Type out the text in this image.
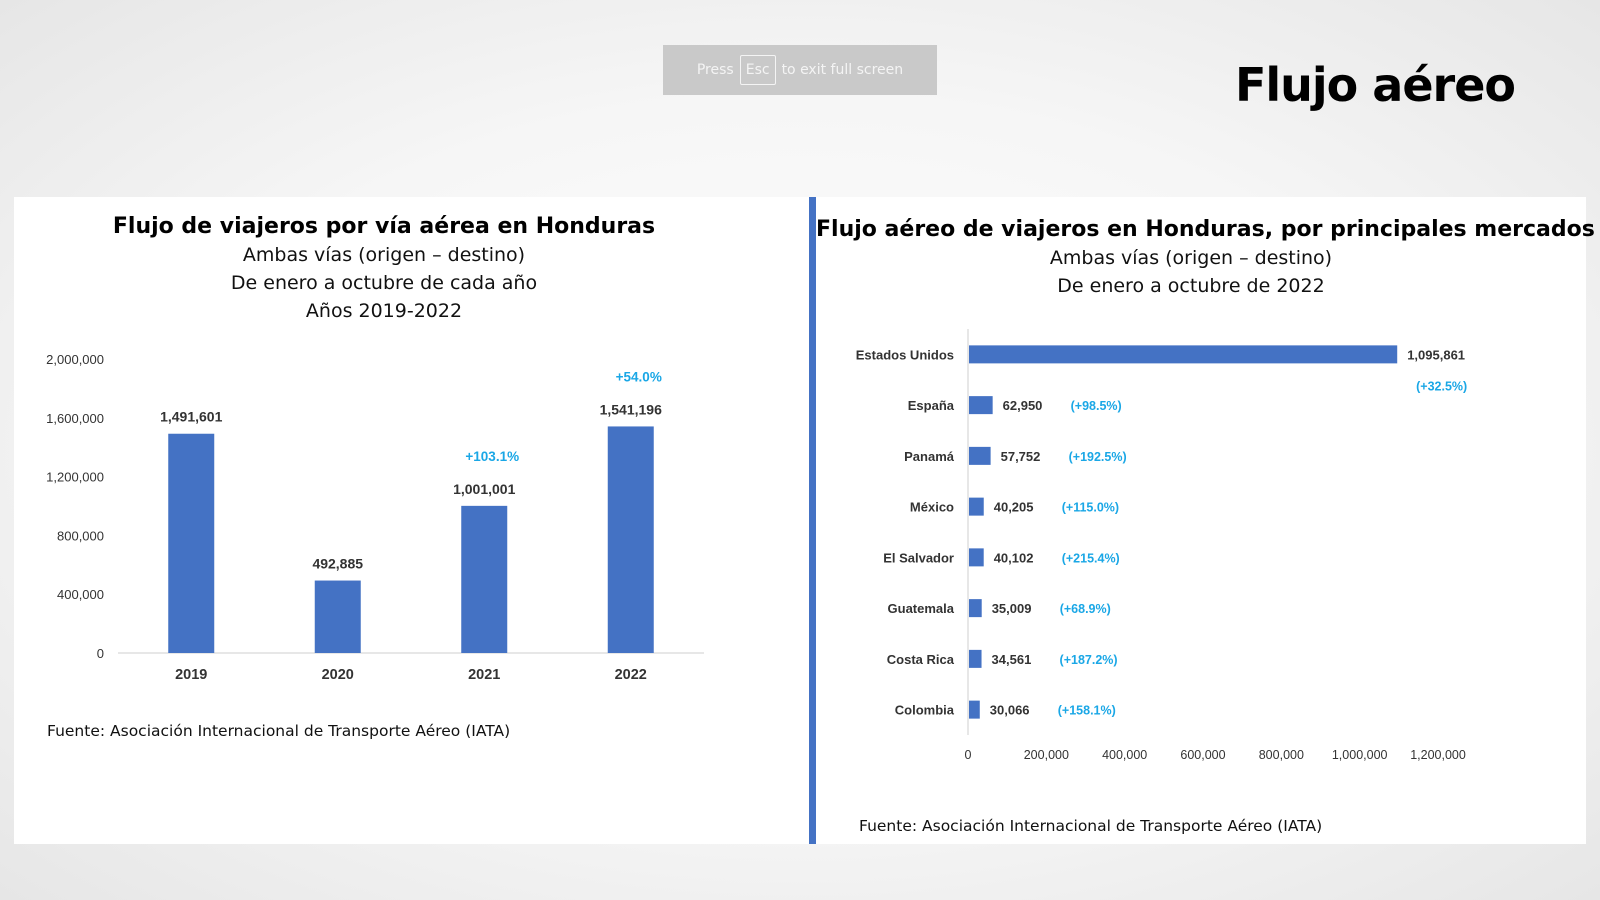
Press Esc to exit full screen	Flujo aéreo
Flujo de viajeros por vía aérea en Honduras
Ambas vías (origen – destino)
De enero a octubre de cada año
Años 2019-2022
0
400,000
800,000
1,200,000
1,600,000
2,000,000
1,491,601
2019
492,885
2020
1,001,001
+103.1%
2021
1,541,196
+54.0%
2022
Fuente: Asociación Internacional de Transporte Aéreo (IATA)
Flujo aéreo de viajeros en Honduras, por principales mercados
Ambas vías (origen – destino)
De enero a octubre de 2022
0	200,000	400,000	600,000	800,000 1,000,000 1,200,000
Estados Unidos	1,095,861
(+32.5%)
España	62,950 (+98.5%)
Panamá	57,752 (+192.5%)
México	40,205 (+115.0%)
El Salvador	40,102 (+215.4%)
Guatemala	35,009 (+68.9%)
Costa Rica	34,561 (+187.2%)
Colombia	30,066 (+158.1%)
Fuente: Asociación Internacional de Transporte Aéreo (IATA)
